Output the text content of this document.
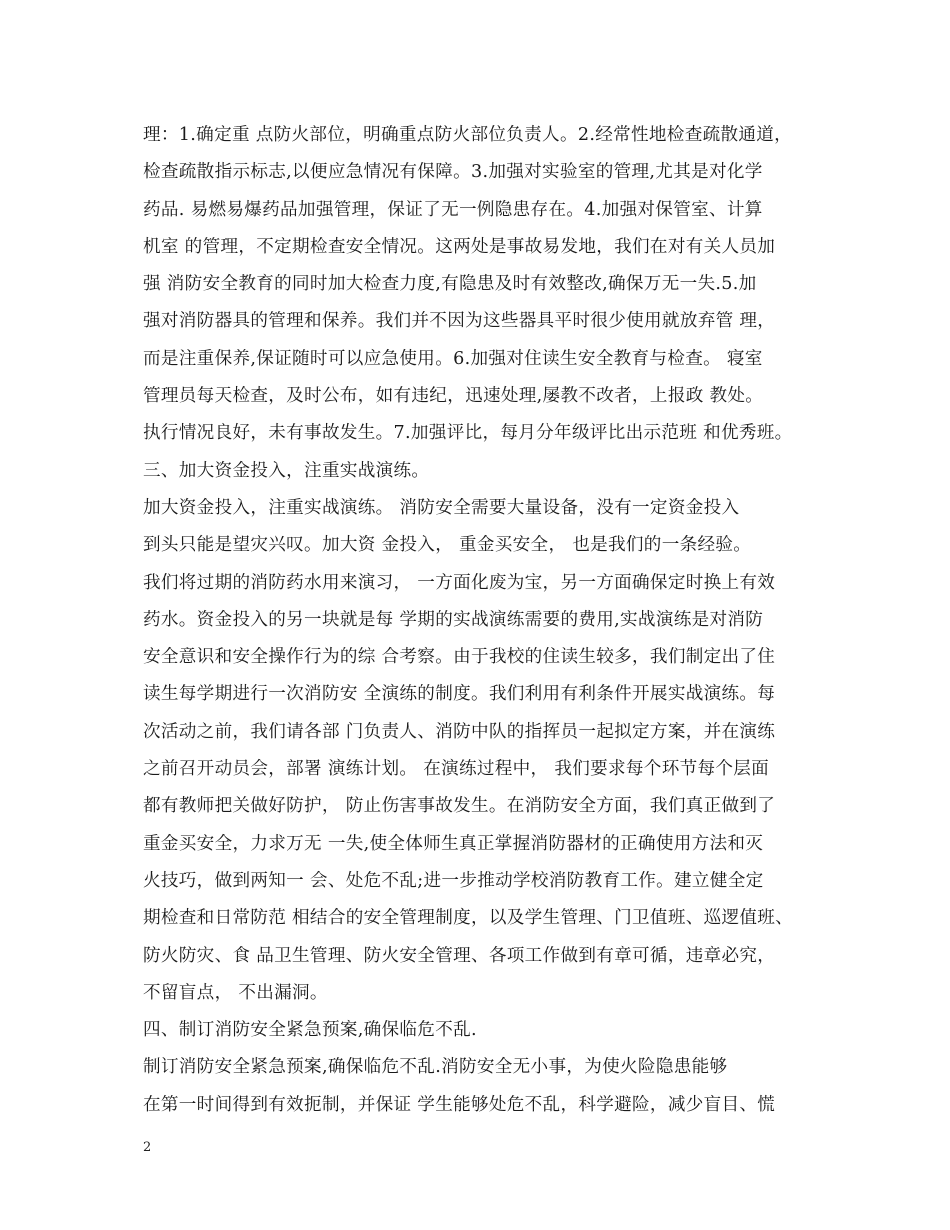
理：1.确定重 点防火部位，明确重点防火部位负责人。2.经常性地检查疏散通道，
检查疏散指示标志,以便应急情况有保障。3.加强对实验室的管理,尤其是对化学
药品. 易燃易爆药品加强管理，保证了无一例隐患存在。4.加强对保管室、计算
机室 的管理，不定期检查安全情况。这两处是事故易发地，我们在对有关人员加
强 消防安全教育的同时加大检查力度,有隐患及时有效整改,确保万无一失.5.加
强对消防器具的管理和保养。我们并不因为这些器具平时很少使用就放弃管 理，
而是注重保养,保证随时可以应急使用。6.加强对住读生安全教育与检查。 寝室
管理员每天检查，及时公布，如有违纪，迅速处理,屡教不改者，上报政 教处。
执行情况良好，未有事故发生。7.加强评比，每月分年级评比出示范班 和优秀班。
三、加大资金投入，注重实战演练。
加大资金投入，注重实战演练。 消防安全需要大量设备，没有一定资金投入
到头只能是望灾兴叹。加大资 金投入， 重金买安全， 也是我们的一条经验。
我们将过期的消防药水用来演习， 一方面化废为宝，另一方面确保定时换上有效
药水。资金投入的另一块就是每 学期的实战演练需要的费用,实战演练是对消防
安全意识和安全操作行为的综 合考察。由于我校的住读生较多，我们制定出了住
读生每学期进行一次消防安 全演练的制度。我们利用有利条件开展实战演练。每
次活动之前，我们请各部 门负责人、消防中队的指挥员一起拟定方案，并在演练
之前召开动员会，部署 演练计划。 在演练过程中， 我们要求每个环节每个层面
都有教师把关做好防护， 防止伤害事故发生。在消防安全方面，我们真正做到了
重金买安全，力求万无 一失,使全体师生真正掌握消防器材的正确使用方法和灭
火技巧，做到两知一 会、处危不乱;进一步推动学校消防教育工作。建立健全定
期检查和日常防范 相结合的安全管理制度，以及学生管理、门卫值班、巡逻值班、
防火防灾、食 品卫生管理、防火安全管理、各项工作做到有章可循，违章必究，
不留盲点， 不出漏洞。
四、制订消防安全紧急预案,确保临危不乱.
制订消防安全紧急预案,确保临危不乱.消防安全无小事，为使火险隐患能够
在第一时间得到有效扼制，并保证 学生能够处危不乱，科学避险，减少盲目、慌
2
